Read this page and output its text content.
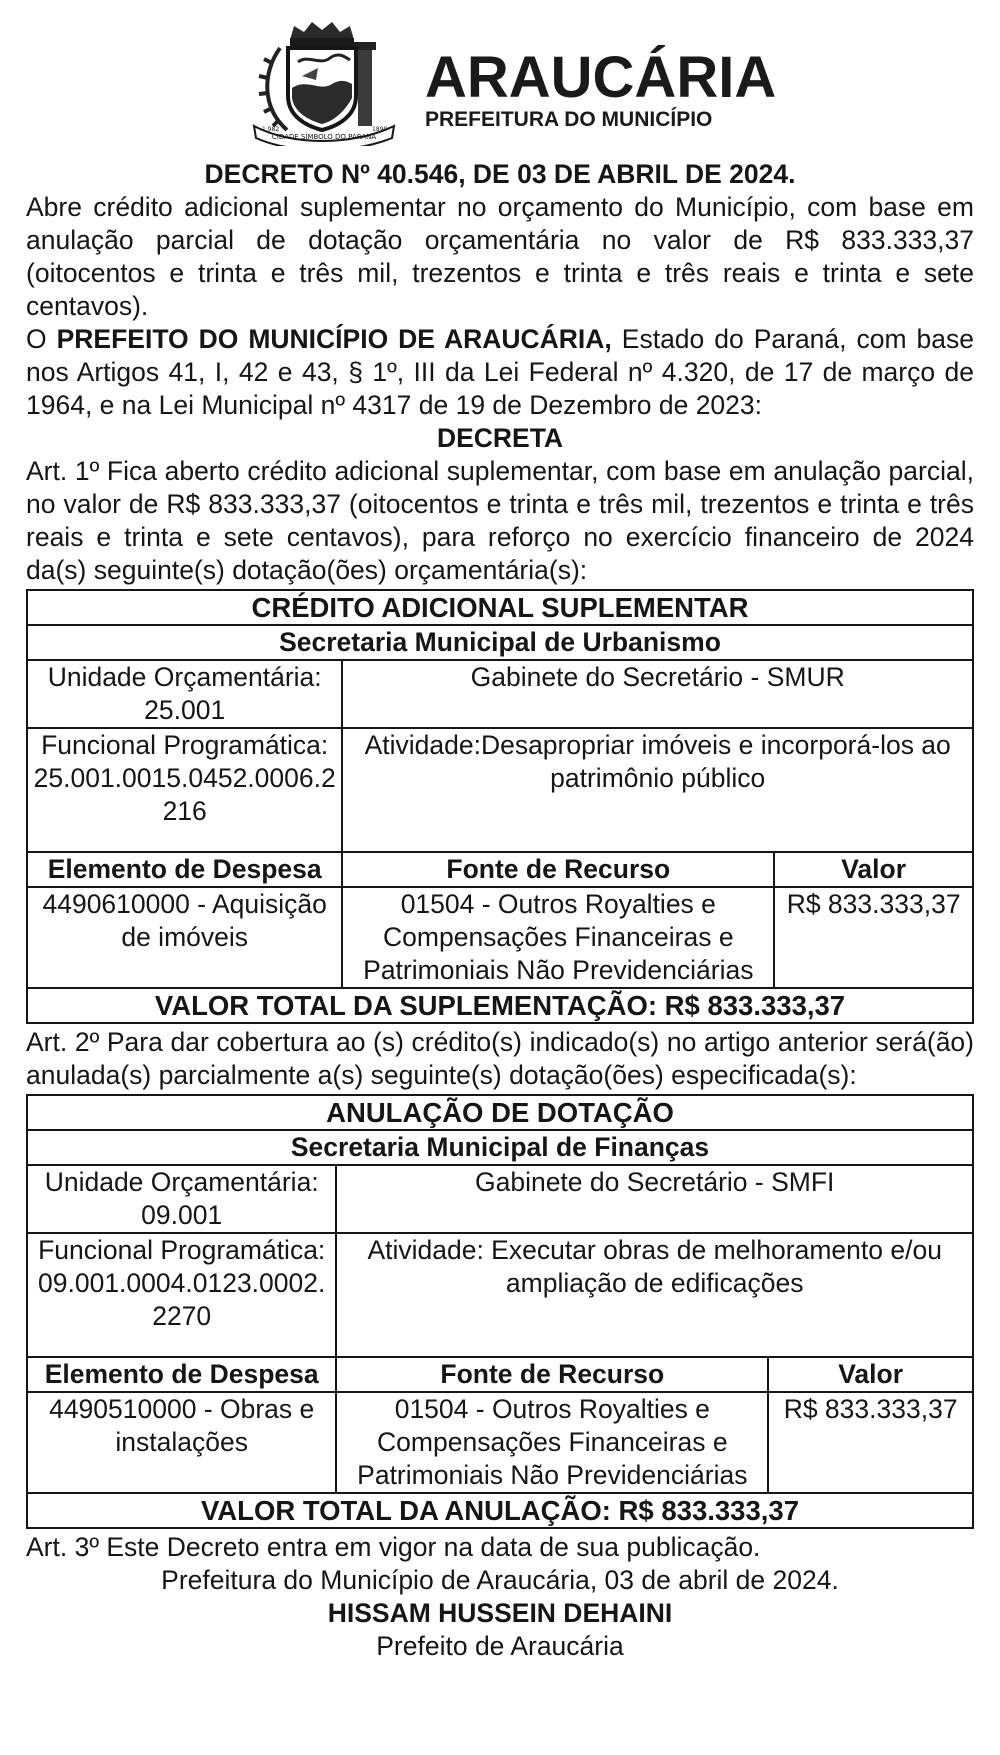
CIDADE SÍMBOLO DO PARANÁ
1.982	1890
ARAUCÁRIA
PREFEITURA DO MUNICÍPIO

DECRETO Nº 40.546, DE 03 DE ABRIL DE 2024.

Abre crédito adicional suplementar no orçamento do Município, com base em anulação parcial de dotação orçamentária no valor de R$ 833.333,37 (oitocentos e trinta e três mil, trezentos e trinta e três reais e trinta e sete centavos).

O PREFEITO DO MUNICÍPIO DE ARAUCÁRIA, Estado do Paraná, com base nos Artigos 41, I, 42 e 43, § 1º, III da Lei Federal nº 4.320, de 17 de março de 1964, e na Lei Municipal nº 4317 de 19 de Dezembro de 2023:

DECRETA

Art. 1º Fica aberto crédito adicional suplementar, com base em anulação parcial, no valor de R$ 833.333,37 (oitocentos e trinta e três mil, trezentos e trinta e três reais e trinta e sete centavos), para reforço no exercício financeiro de 2024 da(s) seguinte(s) dotação(ões) orçamentária(s):

CRÉDITO ADICIONAL SUPLEMENTAR		
Secretaria Municipal de Urbanismo		
Unidade Orçamentária:
25.001	Gabinete do Secretário - SMUR	
Funcional Programática:
25.001.0015.0452.0006.2216	Atividade:Desapropriar imóveis e incorporá-los ao patrimônio público	
Elemento de Despesa	Fonte de Recurso	Valor
4490610000 - Aquisição de imóveis	01504 - Outros Royalties e Compensações Financeiras e Patrimoniais Não Previdenciárias	R$ 833.333,37
VALOR TOTAL DA SUPLEMENTAÇÃO: R$ 833.333,37		

Art. 2º Para dar cobertura ao (s) crédito(s) indicado(s) no artigo anterior será(ão) anulada(s) parcialmente a(s) seguinte(s) dotação(ões) especificada(s):

ANULAÇÃO DE DOTAÇÃO		
Secretaria Municipal de Finanças		
Unidade Orçamentária:
09.001	Gabinete do Secretário - SMFI	
Funcional Programática:
09.001.0004.0123.0002.2270	Atividade: Executar obras de melhoramento e/ou ampliação de edificações	
Elemento de Despesa	Fonte de Recurso	Valor
4490510000 - Obras e instalações	01504 - Outros Royalties e Compensações Financeiras e Patrimoniais Não Previdenciárias	R$ 833.333,37
VALOR TOTAL DA ANULAÇÃO: R$ 833.333,37		

Art. 3º Este Decreto entra em vigor na data de sua publicação.

Prefeitura do Município de Araucária, 03 de abril de 2024.

HISSAM HUSSEIN DEHAINI

Prefeito de Araucária
